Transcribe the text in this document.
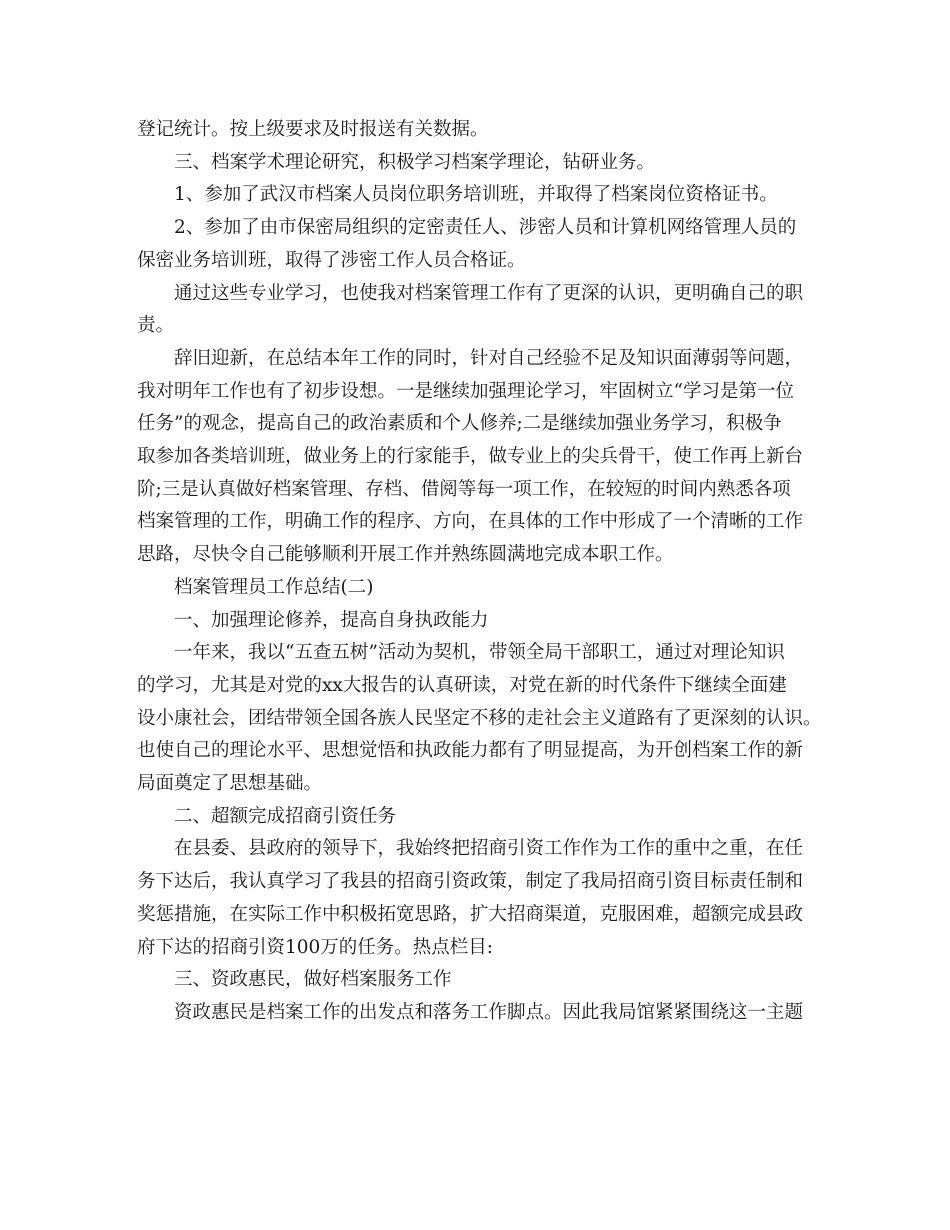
登记统计。按上级要求及时报送有关数据。

三、档案学术理论研究，积极学习档案学理论，钻研业务。

1、参加了武汉市档案人员岗位职务培训班，并取得了档案岗位资格证书。

2、参加了由市保密局组织的定密责任人、涉密人员和计算机网络管理人员的

保密业务培训班，取得了涉密工作人员合格证。

通过这些专业学习，也使我对档案管理工作有了更深的认识，更明确自己的职

责。

辞旧迎新，在总结本年工作的同时，针对自己经验不足及知识面薄弱等问题，

我对明年工作也有了初步设想。一是继续加强理论学习，牢固树立“学习是第一位

任务”的观念，提高自己的政治素质和个人修养;二是继续加强业务学习，积极争

取参加各类培训班，做业务上的行家能手，做专业上的尖兵骨干，使工作再上新台

阶;三是认真做好档案管理、存档、借阅等每一项工作，在较短的时间内熟悉各项

档案管理的工作，明确工作的程序、方向，在具体的工作中形成了一个清晰的工作

思路，尽快令自己能够顺利开展工作并熟练圆满地完成本职工作。

档案管理员工作总结(二)

一、加强理论修养，提高自身执政能力

一年来，我以“五查五树”活动为契机，带领全局干部职工，通过对理论知识

的学习，尤其是对党的xx大报告的认真研读，对党在新的时代条件下继续全面建

设小康社会，团结带领全国各族人民坚定不移的走社会主义道路有了更深刻的认识。

也使自己的理论水平、思想觉悟和执政能力都有了明显提高，为开创档案工作的新

局面奠定了思想基础。

二、超额完成招商引资任务

在县委、县政府的领导下，我始终把招商引资工作作为工作的重中之重，在任

务下达后，我认真学习了我县的招商引资政策，制定了我局招商引资目标责任制和

奖惩措施，在实际工作中积极拓宽思路，扩大招商渠道，克服困难，超额完成县政

府下达的招商引资100万的任务。热点栏目:

三、资政惠民，做好档案服务工作

资政惠民是档案工作的出发点和落务工作脚点。因此我局馆紧紧围绕这一主题
